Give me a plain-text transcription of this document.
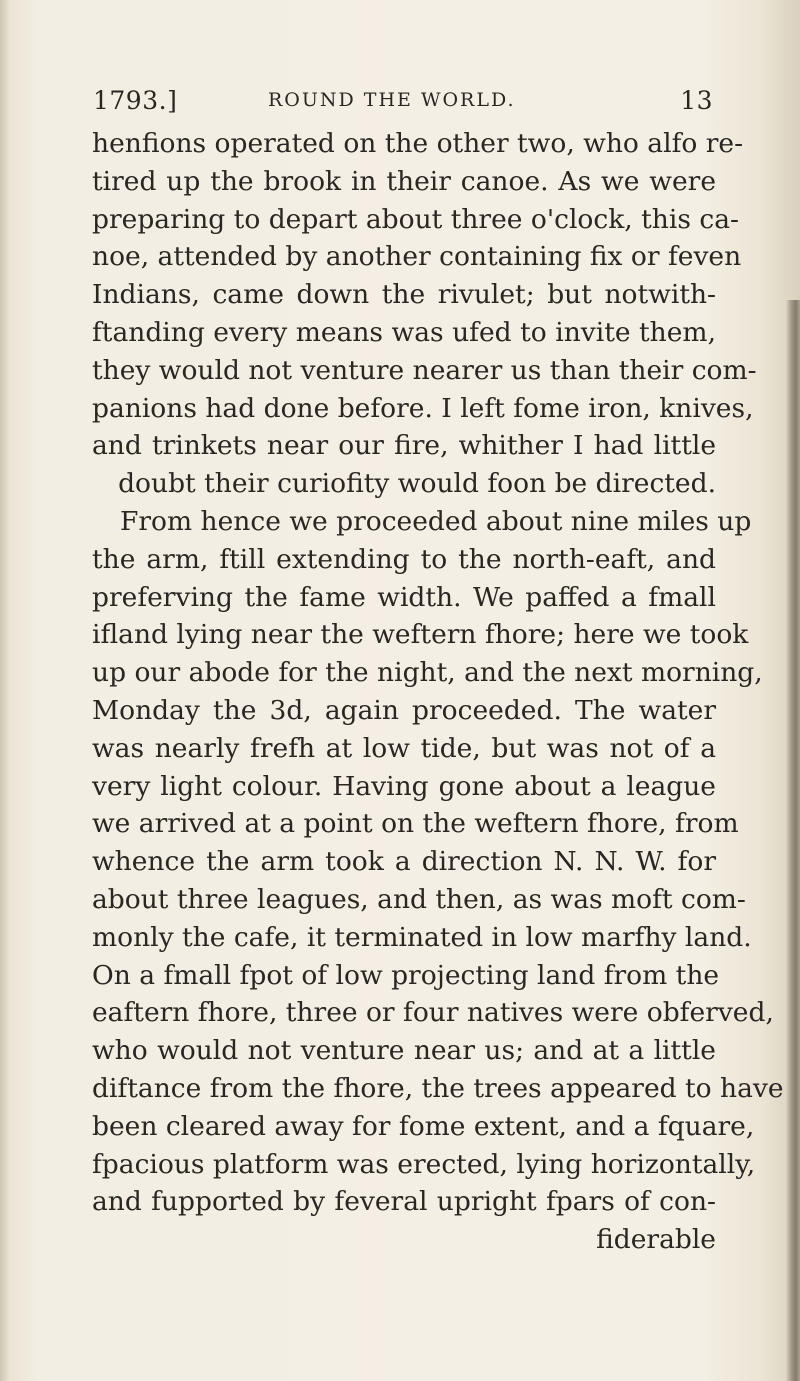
1793.]	ROUND THE WORLD.	13
henfions operated on the other two, who alfo re-
tired up the brook in their canoe. As we were
preparing to depart about three o'clock, this ca-
noe, attended by another containing fix or feven
Indians, came down the rivulet; but notwith-
ftanding every means was ufed to invite them,
they would not venture nearer us than their com-
panions had done before. I left fome iron, knives,
and trinkets near our fire, whither I had little
doubt their curiofity would foon be directed.
From hence we proceeded about nine miles up
the arm, ftill extending to the north-eaft, and
preferving the fame width. We paffed a fmall
ifland lying near the weftern fhore; here we took
up our abode for the night, and the next morning,
Monday the 3d, again proceeded. The water
was nearly frefh at low tide, but was not of a
very light colour. Having gone about a league
we arrived at a point on the weftern fhore, from
whence the arm took a direction N. N. W. for
about three leagues, and then, as was moft com-
monly the cafe, it terminated in low marfhy land.
On a fmall fpot of low projecting land from the
eaftern fhore, three or four natives were obferved,
who would not venture near us; and at a little
diftance from the fhore, the trees appeared to have
been cleared away for fome extent, and a fquare,
fpacious platform was erected, lying horizontally,
and fupported by feveral upright fpars of con-
fiderable
